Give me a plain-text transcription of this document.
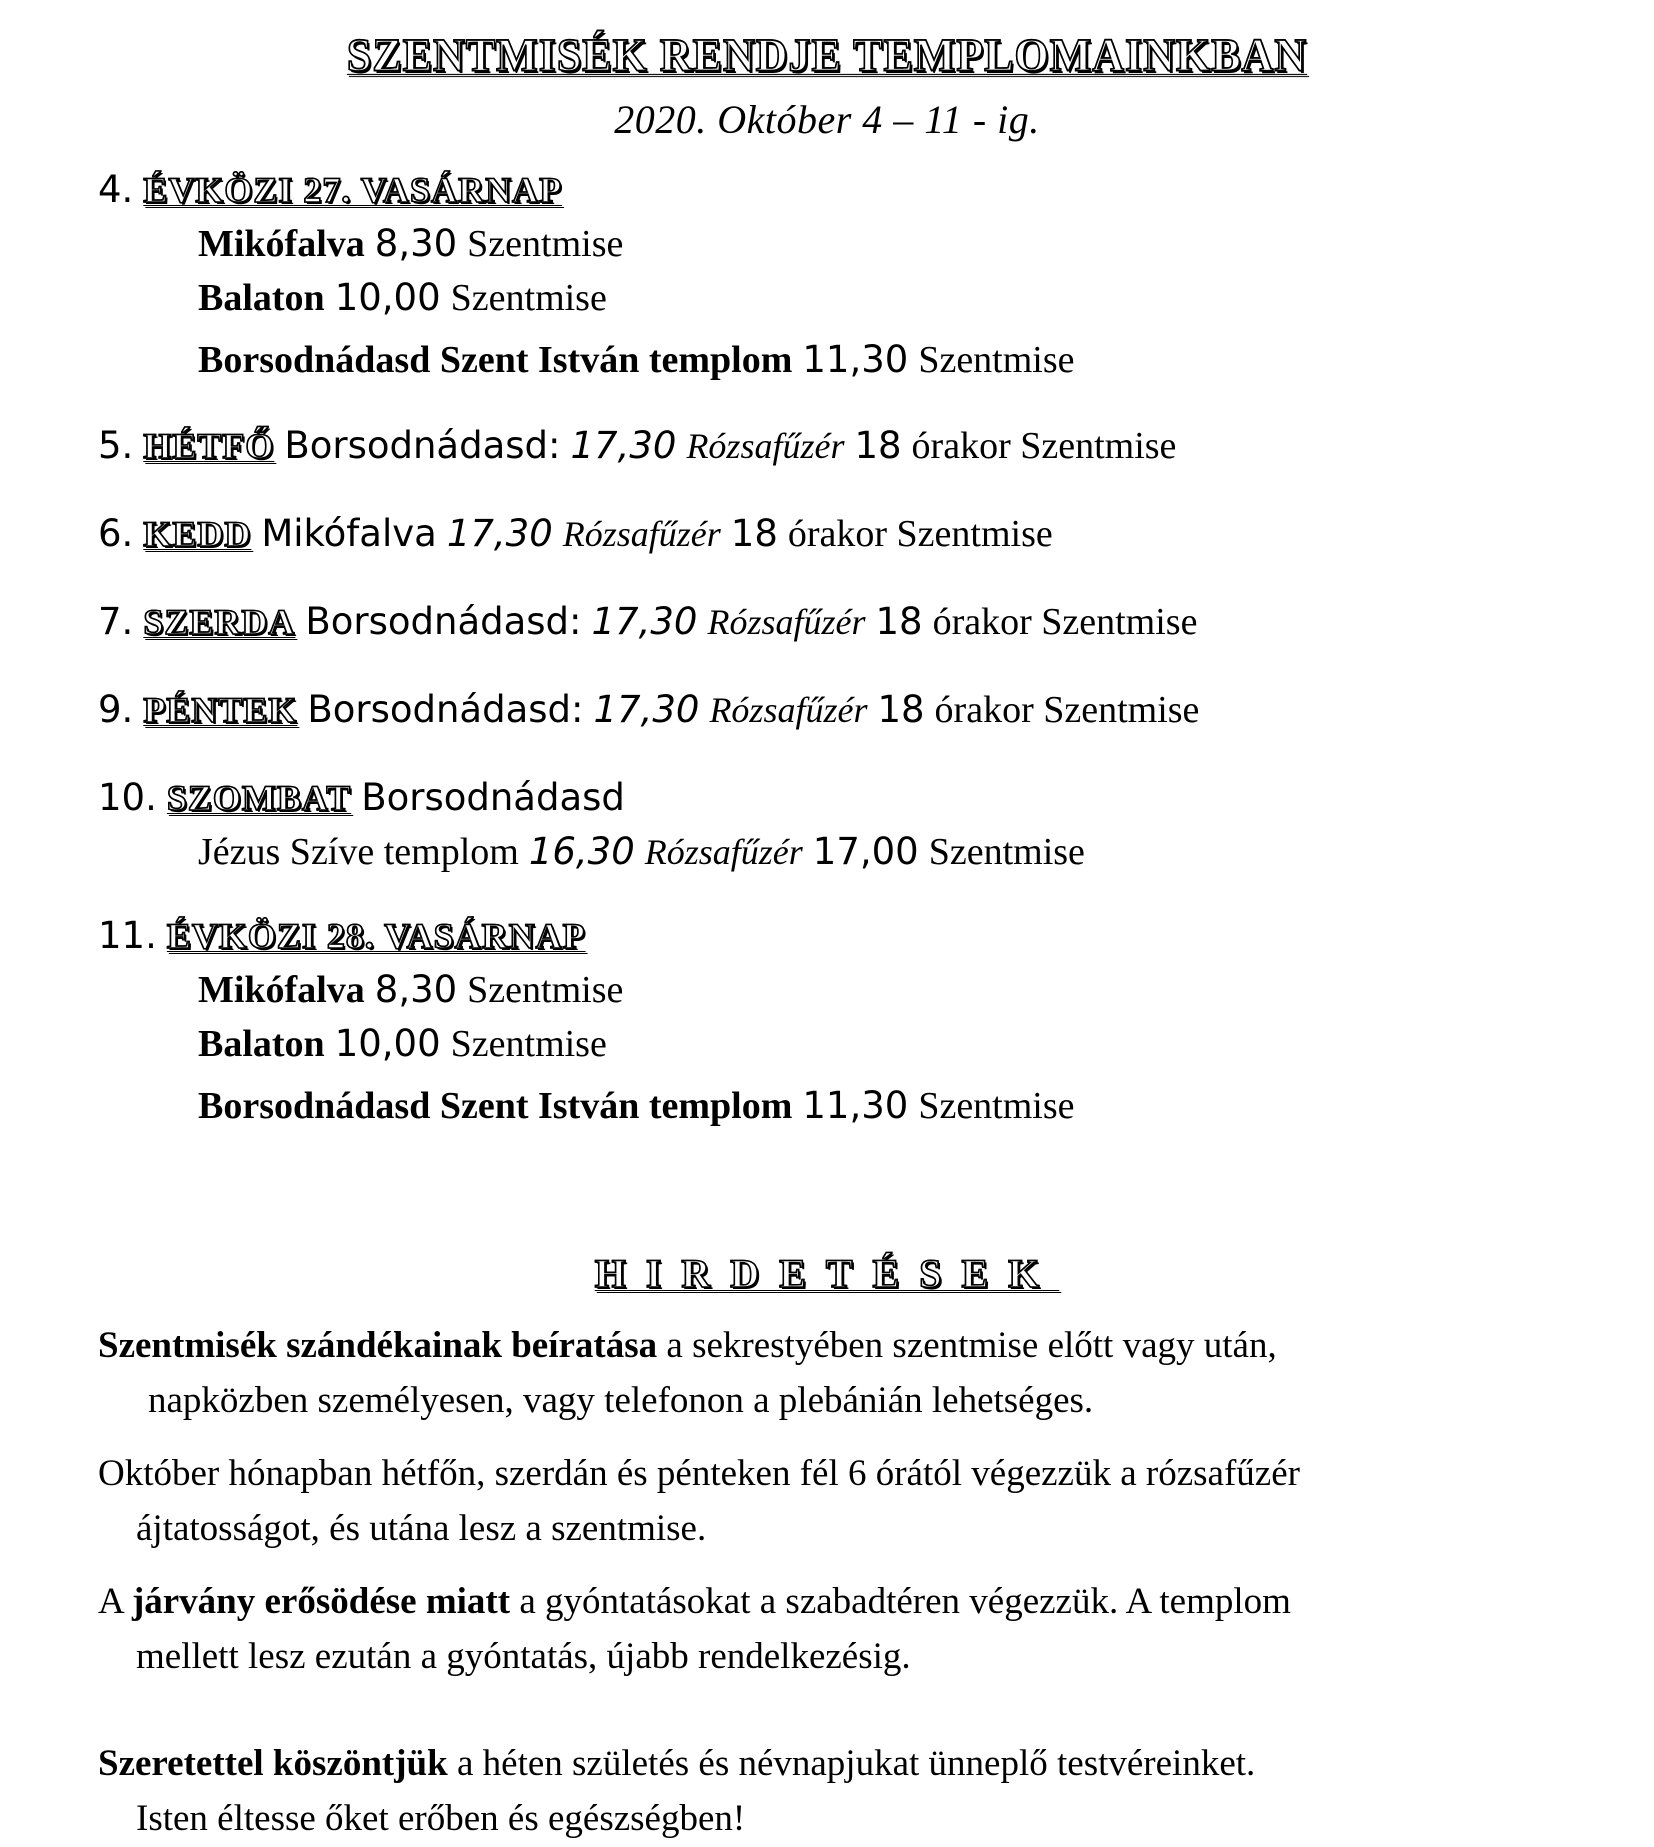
SZENTMISÉK RENDJE TEMPLOMAINKBAN
2020. Október 4 – 11 - ig.
4. ÉVKÖZI 27. VASÁRNAP
Mikófalva 8,30 Szentmise
Balaton 10,00 Szentmise
Borsodnádasd Szent István templom 11,30 Szentmise
5. HÉTFŐ Borsodnádasd: 17,30 Rózsafűzér 18 órakor Szentmise
6. KEDD Mikófalva 17,30 Rózsafűzér 18 órakor Szentmise
7. SZERDA Borsodnádasd: 17,30 Rózsafűzér 18 órakor Szentmise
9. PÉNTEK Borsodnádasd: 17,30 Rózsafűzér 18 órakor Szentmise
10. SZOMBAT Borsodnádasd
Jézus Szíve templom 16,30 Rózsafűzér 17,00 Szentmise
11. ÉVKÖZI 28. VASÁRNAP
Mikófalva 8,30 Szentmise
Balaton 10,00 Szentmise
Borsodnádasd Szent István templom 11,30 Szentmise
HIRDETÉSEK
Szentmisék szándékainak beíratása a sekrestyében szentmise előtt vagy után,
napközben személyesen, vagy telefonon a plebánián lehetséges.
Október hónapban hétfőn, szerdán és pénteken fél 6 órától végezzük a rózsafűzér
ájtatosságot, és utána lesz a szentmise.
A járvány erősödése miatt a gyóntatásokat a szabadtéren végezzük. A templom
mellett lesz ezután a gyóntatás, újabb rendelkezésig.
Szeretettel köszöntjük a héten születés és névnapjukat ünneplő testvéreinket.
Isten éltesse őket erőben és egészségben!
